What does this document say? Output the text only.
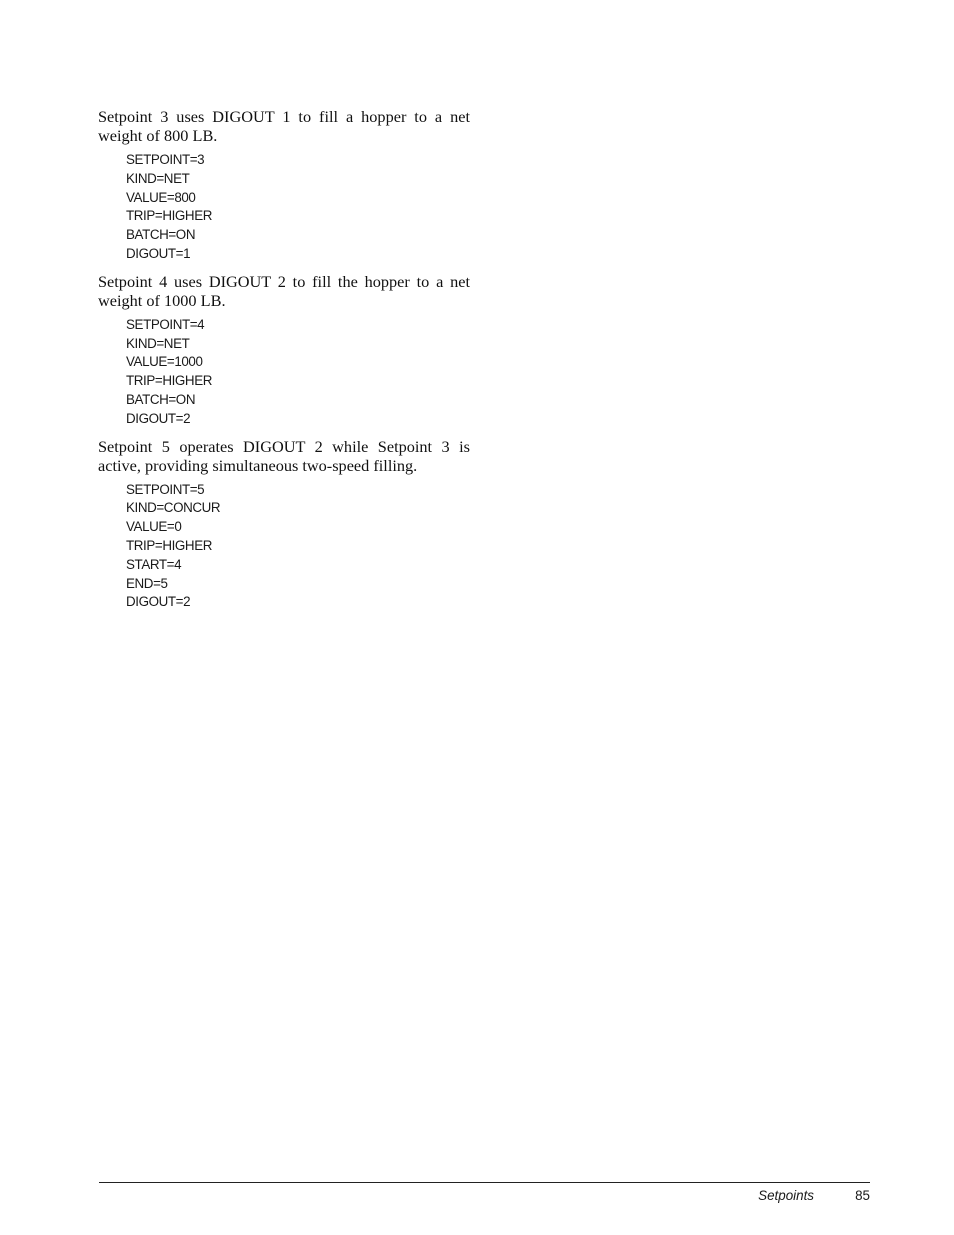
Setpoint 3 uses DIGOUT 1 to fill a hopper to a net weight of 800 LB.

SETPOINT=3
KIND=NET
VALUE=800
TRIP=HIGHER
BATCH=ON
DIGOUT=1

Setpoint 4 uses DIGOUT 2 to fill the hopper to a net weight of 1000 LB.

SETPOINT=4
KIND=NET
VALUE=1000
TRIP=HIGHER
BATCH=ON
DIGOUT=2

Setpoint 5 operates DIGOUT 2 while Setpoint 3 is active, providing simultaneous two-speed filling.

SETPOINT=5
KIND=CONCUR
VALUE=0
TRIP=HIGHER
START=4
END=5
DIGOUT=2
Setpoints	85
